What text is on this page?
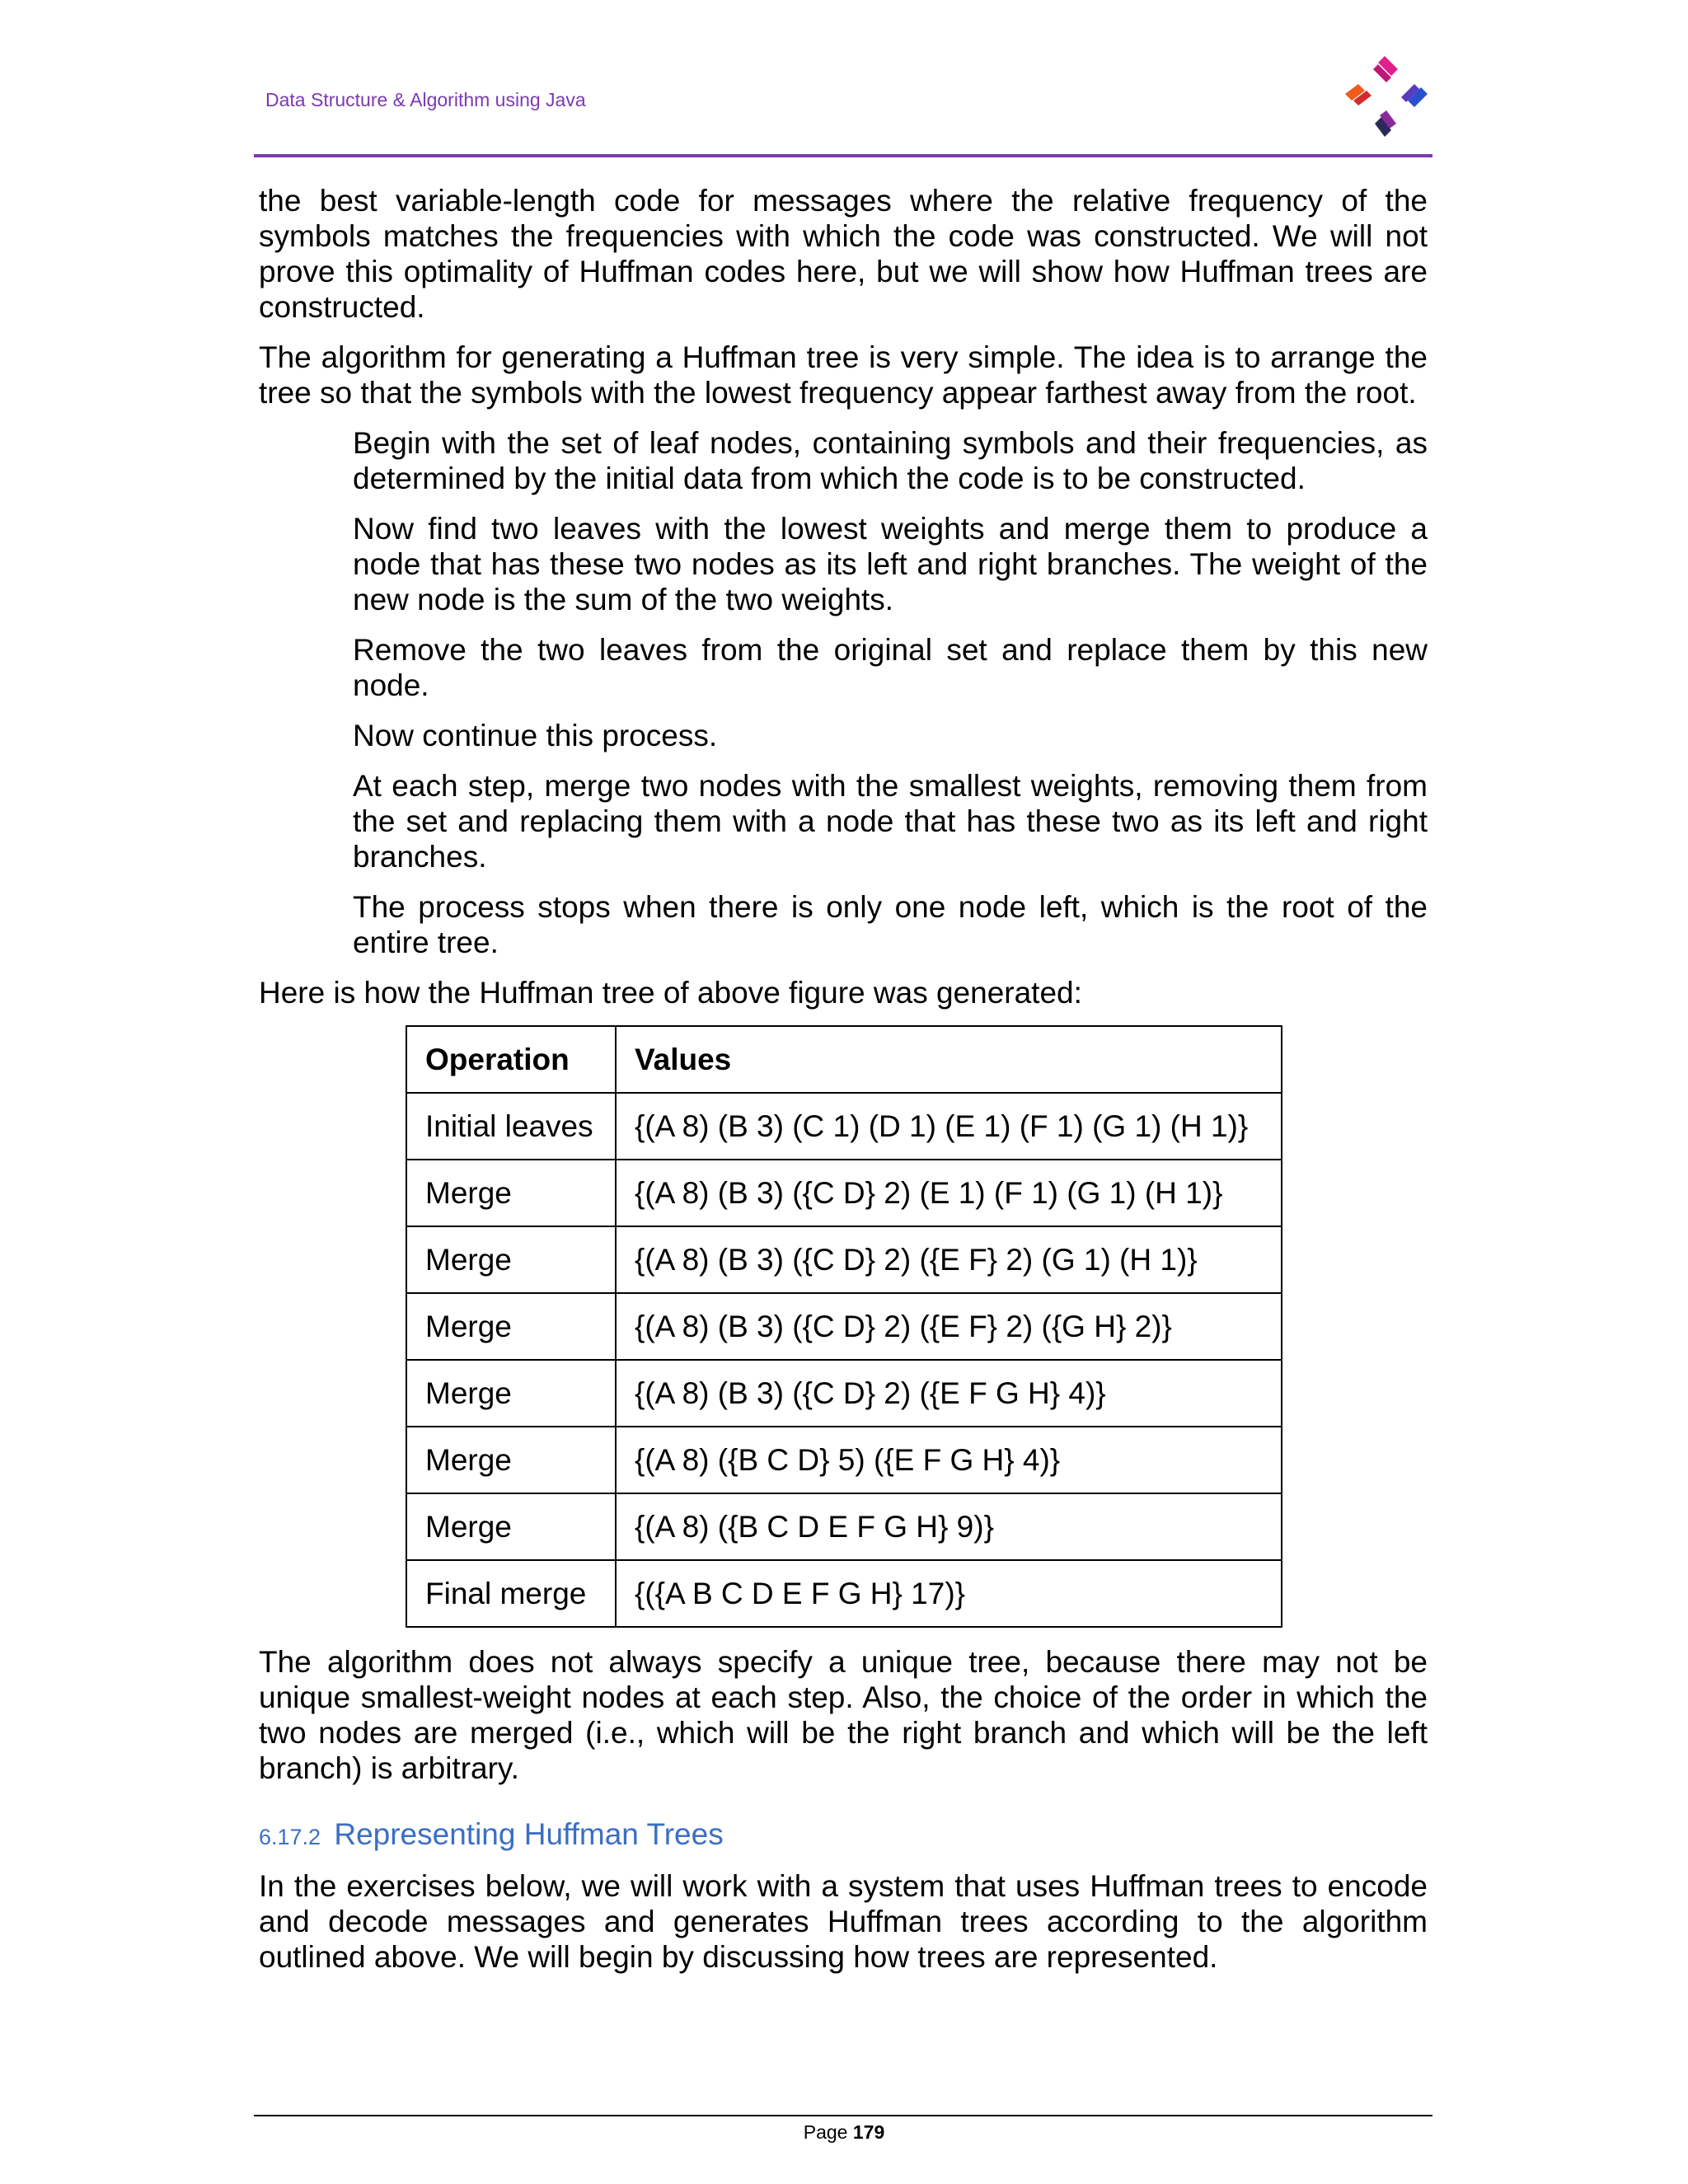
Data Structure & Algorithm using Java

the best variable-length code for messages where the relative frequency of the symbols matches the frequencies with which the code was constructed. We will not prove this optimality of Huffman codes here, but we will show how Huffman trees are constructed.

The algorithm for generating a Huffman tree is very simple. The idea is to arrange the tree so that the symbols with the lowest frequency appear farthest away from the root.

Begin with the set of leaf nodes, containing symbols and their frequencies, as determined by the initial data from which the code is to be constructed.

Now find two leaves with the lowest weights and merge them to produce a node that has these two nodes as its left and right branches. The weight of the new node is the sum of the two weights.

Remove the two leaves from the original set and replace them by this new node.

Now continue this process.

At each step, merge two nodes with the smallest weights, removing them from the set and replacing them with a node that has these two as its left and right branches.

The process stops when there is only one node left, which is the root of the entire tree.

Here is how the Huffman tree of above figure was generated:

Operation	Values
Initial leaves	{(A 8) (B 3) (C 1) (D 1) (E 1) (F 1) (G 1) (H 1)}
Merge	{(A 8) (B 3) ({C D} 2) (E 1) (F 1) (G 1) (H 1)}
Merge	{(A 8) (B 3) ({C D} 2) ({E F} 2) (G 1) (H 1)}
Merge	{(A 8) (B 3) ({C D} 2) ({E F} 2) ({G H} 2)}
Merge	{(A 8) (B 3) ({C D} 2) ({E F G H} 4)}
Merge	{(A 8) ({B C D} 5) ({E F G H} 4)}
Merge	{(A 8) ({B C D E F G H} 9)}
Final merge	{({A B C D E F G H} 17)}

The algorithm does not always specify a unique tree, because there may not be unique smallest-weight nodes at each step. Also, the choice of the order in which the two nodes are merged (i.e., which will be the right branch and which will be the left branch) is arbitrary.

6.17.2 Representing Huffman Trees

In the exercises below, we will work with a system that uses Huffman trees to encode and decode messages and generates Huffman trees according to the algorithm outlined above. We will begin by discussing how trees are represented.

Page 179
